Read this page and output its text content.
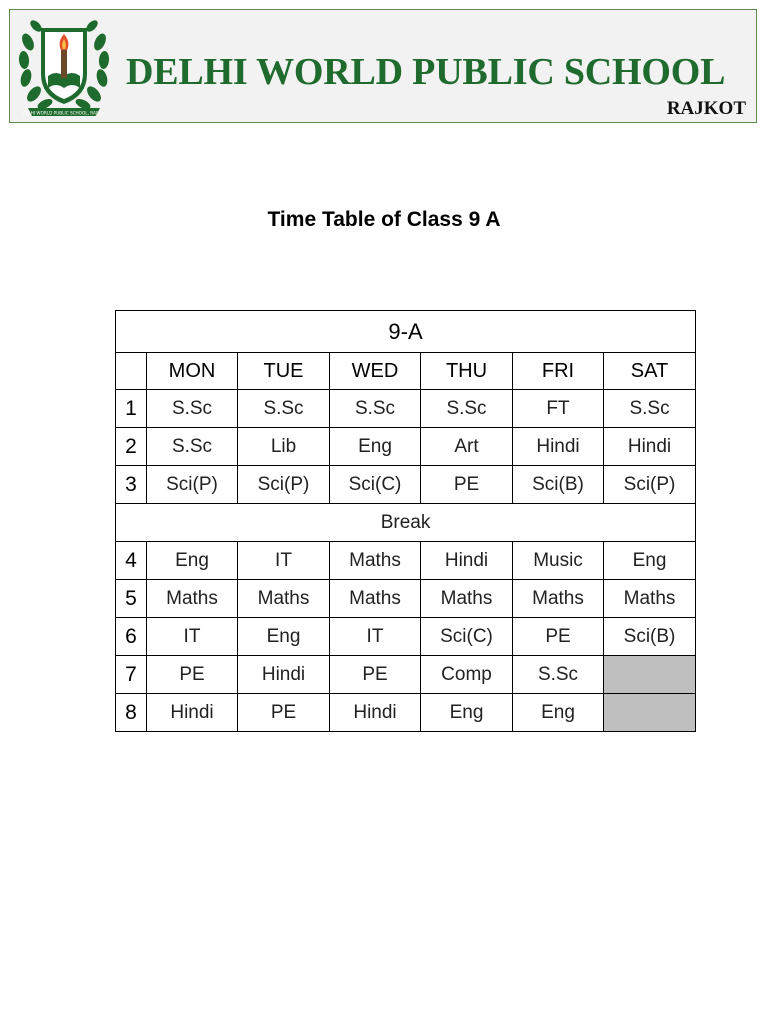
DELHI WORLD PUBLIC SCHOOL, RAJKOT
DELHI WORLD PUBLIC SCHOOL
RAJKOT
Time Table of Class 9 A
9-A						
	MON	TUE	WED	THU	FRI	SAT
1	S.Sc	S.Sc	S.Sc	S.Sc	FT	S.Sc
2	S.Sc	Lib	Eng	Art	Hindi	Hindi
3	Sci(P)	Sci(P)	Sci(C)	PE	Sci(B)	Sci(P)
Break						
4	Eng	IT	Maths	Hindi	Music	Eng
5	Maths	Maths	Maths	Maths	Maths	Maths
6	IT	Eng	IT	Sci(C)	PE	Sci(B)
7	PE	Hindi	PE	Comp	S.Sc	
8	Hindi	PE	Hindi	Eng	Eng	
